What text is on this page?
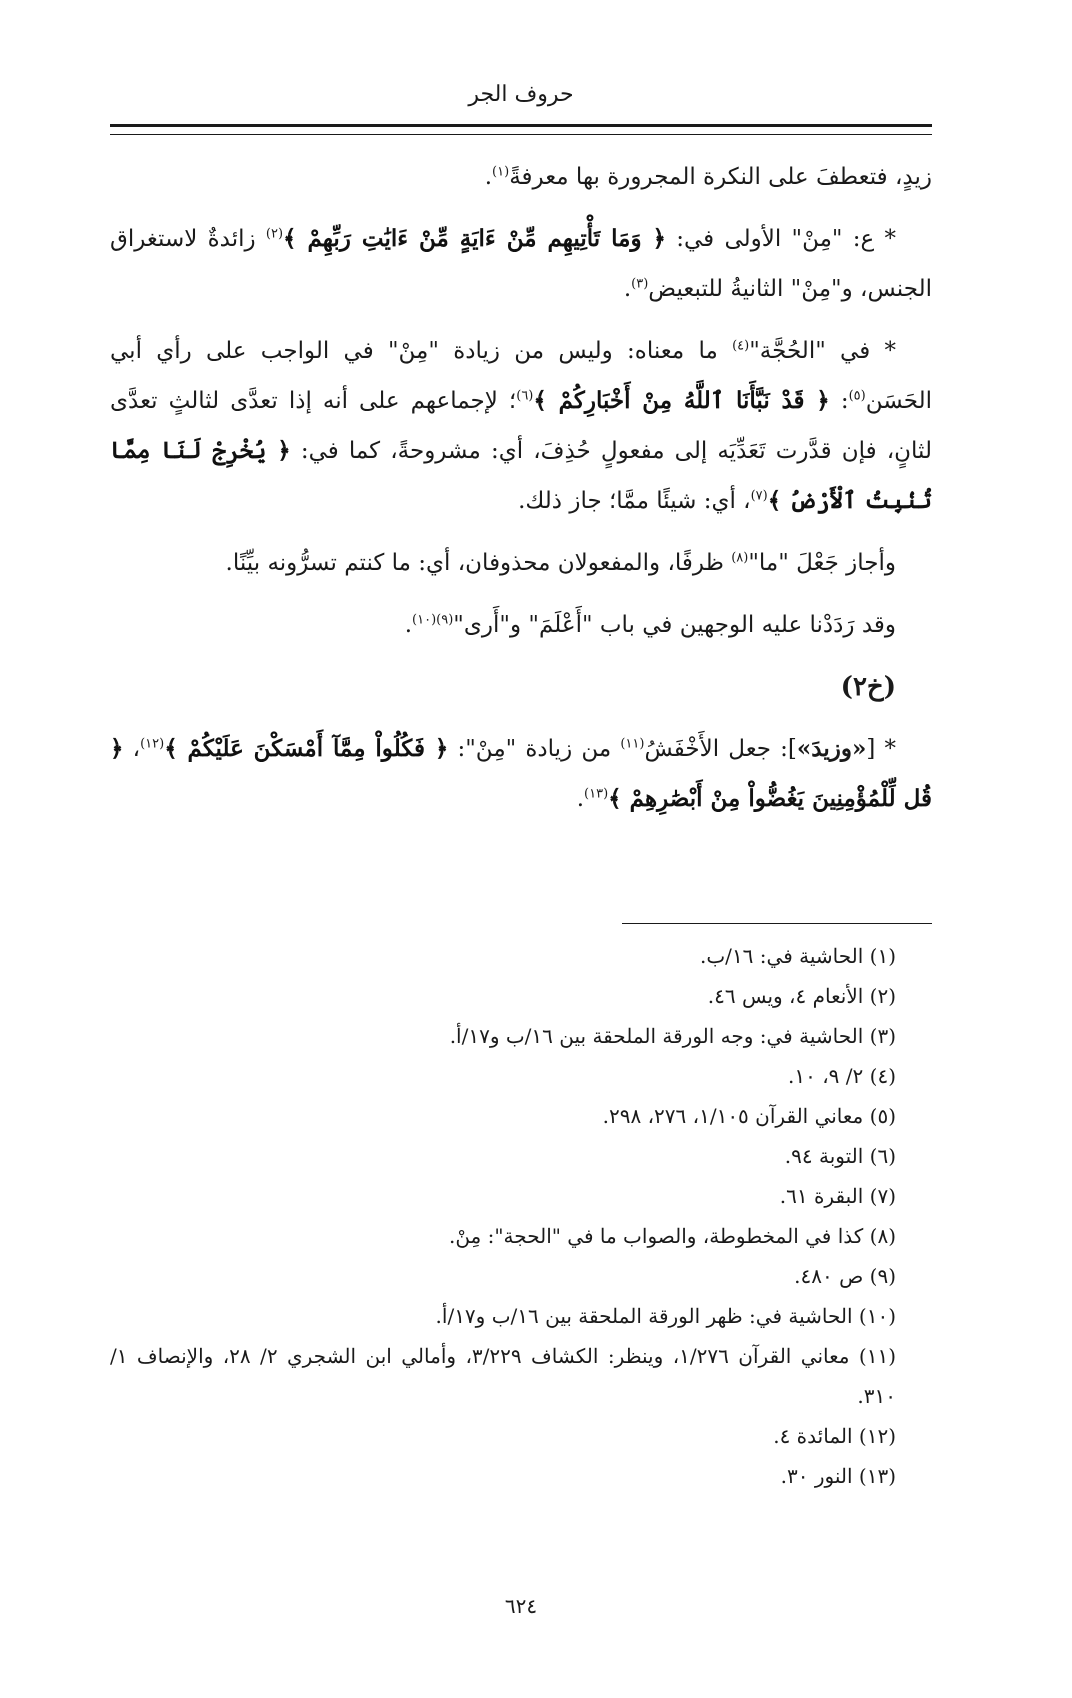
حروف الجر

زيدٍ، فتعطفَ على النكرة المجرورة بها معرفةً$^{(١)}$.

* ع: "مِنْ" الأولى في: ﴿ وَمَا تَأْتِيهِم مِّنْ ءَايَةٍ مِّنْ ءَايَٰتِ رَبِّهِمْ ﴾$^{(٢)}$ زائدةٌ لاستغراق الجنس، و"مِنْ" الثانيةُ للتبعيض$^{(٣)}$.

* في "الحُجَّة"$^{(٤)}$ ما معناه: وليس من زيادة "مِنْ" في الواجب على رأي أبي الحَسَن$^{(٥)}$: ﴿ قَدْ نَبَّأَنَا ٱللَّهُ مِنْ أَخْبَارِكُمْ ﴾$^{(٦)}$؛ لإجماعهم على أنه إذا تعدَّى لثالثٍ تعدَّى لثانٍ، فإن قدَّرت تَعَدِّيَه إلى مفعولٍ حُذِفَ، أي: مشروحةً، كما في: ﴿ يُخْرِجْ لَنَا مِمَّا تُنۢبِتُ ٱلْأَرْضُ ﴾$^{(٧)}$، أي: شيئًا ممَّا؛ جاز ذلك.

وأجاز جَعْلَ "ما"$^{(٨)}$ ظرفًا، والمفعولان محذوفان، أي: ما كنتم تسرُّونه بيِّنًا.

وقد رَدَدْنا عليه الوجهين في باب "أَعْلَمَ" و"أَرى"$^{(٩)(١٠)}$.

(خ٢)

* [«وزيدَ»]: جعل الأَخْفَشُ$^{(١١)}$ من زيادة "مِنْ": ﴿ فَكُلُواْ مِمَّآ أَمْسَكْنَ عَلَيْكُمْ ﴾$^{(١٢)}$، ﴿ قُل لِّلْمُؤْمِنِينَ يَغُضُّواْ مِنْ أَبْصَٰرِهِمْ ﴾$^{(١٣)}$.

(١) الحاشية في: ١٦/ب.

(٢) الأنعام ٤، ويس ٤٦.

(٣) الحاشية في: وجه الورقة الملحقة بين ١٦/ب و١٧/أ.

(٤) ٢/ ٩، ١٠.

(٥) معاني القرآن ١/١٠٥، ٢٧٦، ٢٩٨.

(٦) التوبة ٩٤.

(٧) البقرة ٦١.

(٨) كذا في المخطوطة، والصواب ما في "الحجة": مِنْ.

(٩) ص ٤٨٠.

(١٠) الحاشية في: ظهر الورقة الملحقة بين ١٦/ب و١٧/أ.

(١١) معاني القرآن ١/٢٧٦، وينظر: الكشاف ٣/٢٢٩، وأمالي ابن الشجري ٢/ ٢٨، والإنصاف ١/ ٣١٠.

(١٢) المائدة ٤.

(١٣) النور ٣٠.

٦٢٤
